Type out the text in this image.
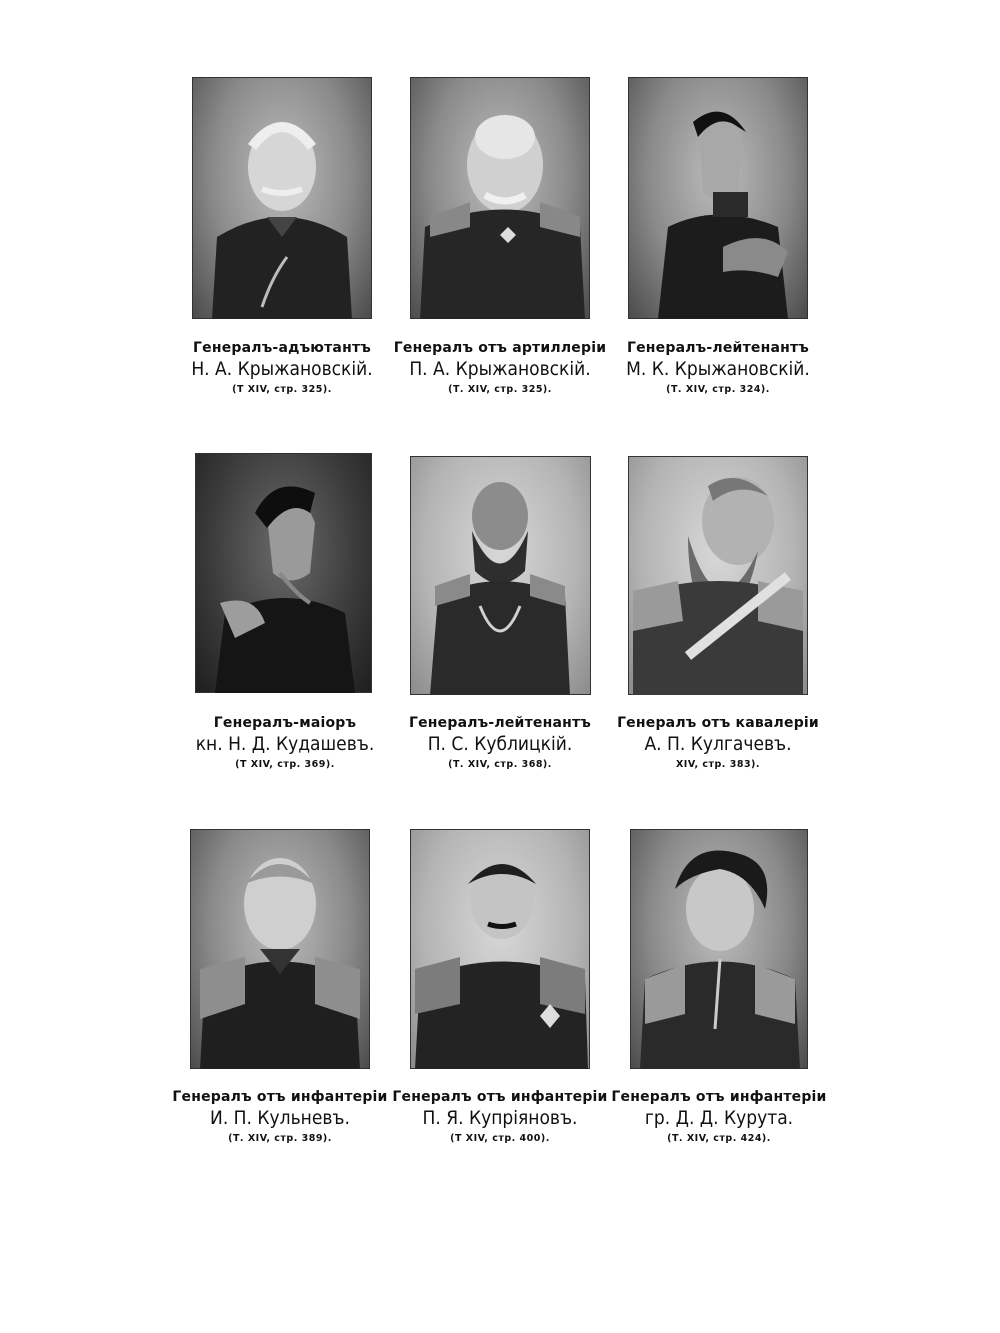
Генералъ-адъютантъ
Н. А. Крыжановскій.
(Т XIV, стр. 325).
Генералъ отъ артиллеріи
П. А. Крыжановскій.
(Т. XIV, стр. 325).
Генералъ-лейтенантъ
М. К. Крыжановскій.
(Т. XIV, стр. 324).
Генералъ-маіоръ
кн. Н. Д. Кудашевъ.
(Т XIV, стр. 369).
Генералъ-лейтенантъ
П. С. Кублицкій.
(Т. XIV, стр. 368).
Генералъ отъ кавалерiи
А. П. Кулгачевъ.
XIV, стр. 383).
Генералъ отъ инфантеріи
И. П. Кульневъ.
(Т. XIV, стр. 389).
Генералъ отъ инфантеріи
П. Я. Купріяновъ.
(Т XIV, стр. 400).
Генералъ отъ инфантеріи
гр. Д. Д. Курута.
(Т. XIV, стр. 424).
